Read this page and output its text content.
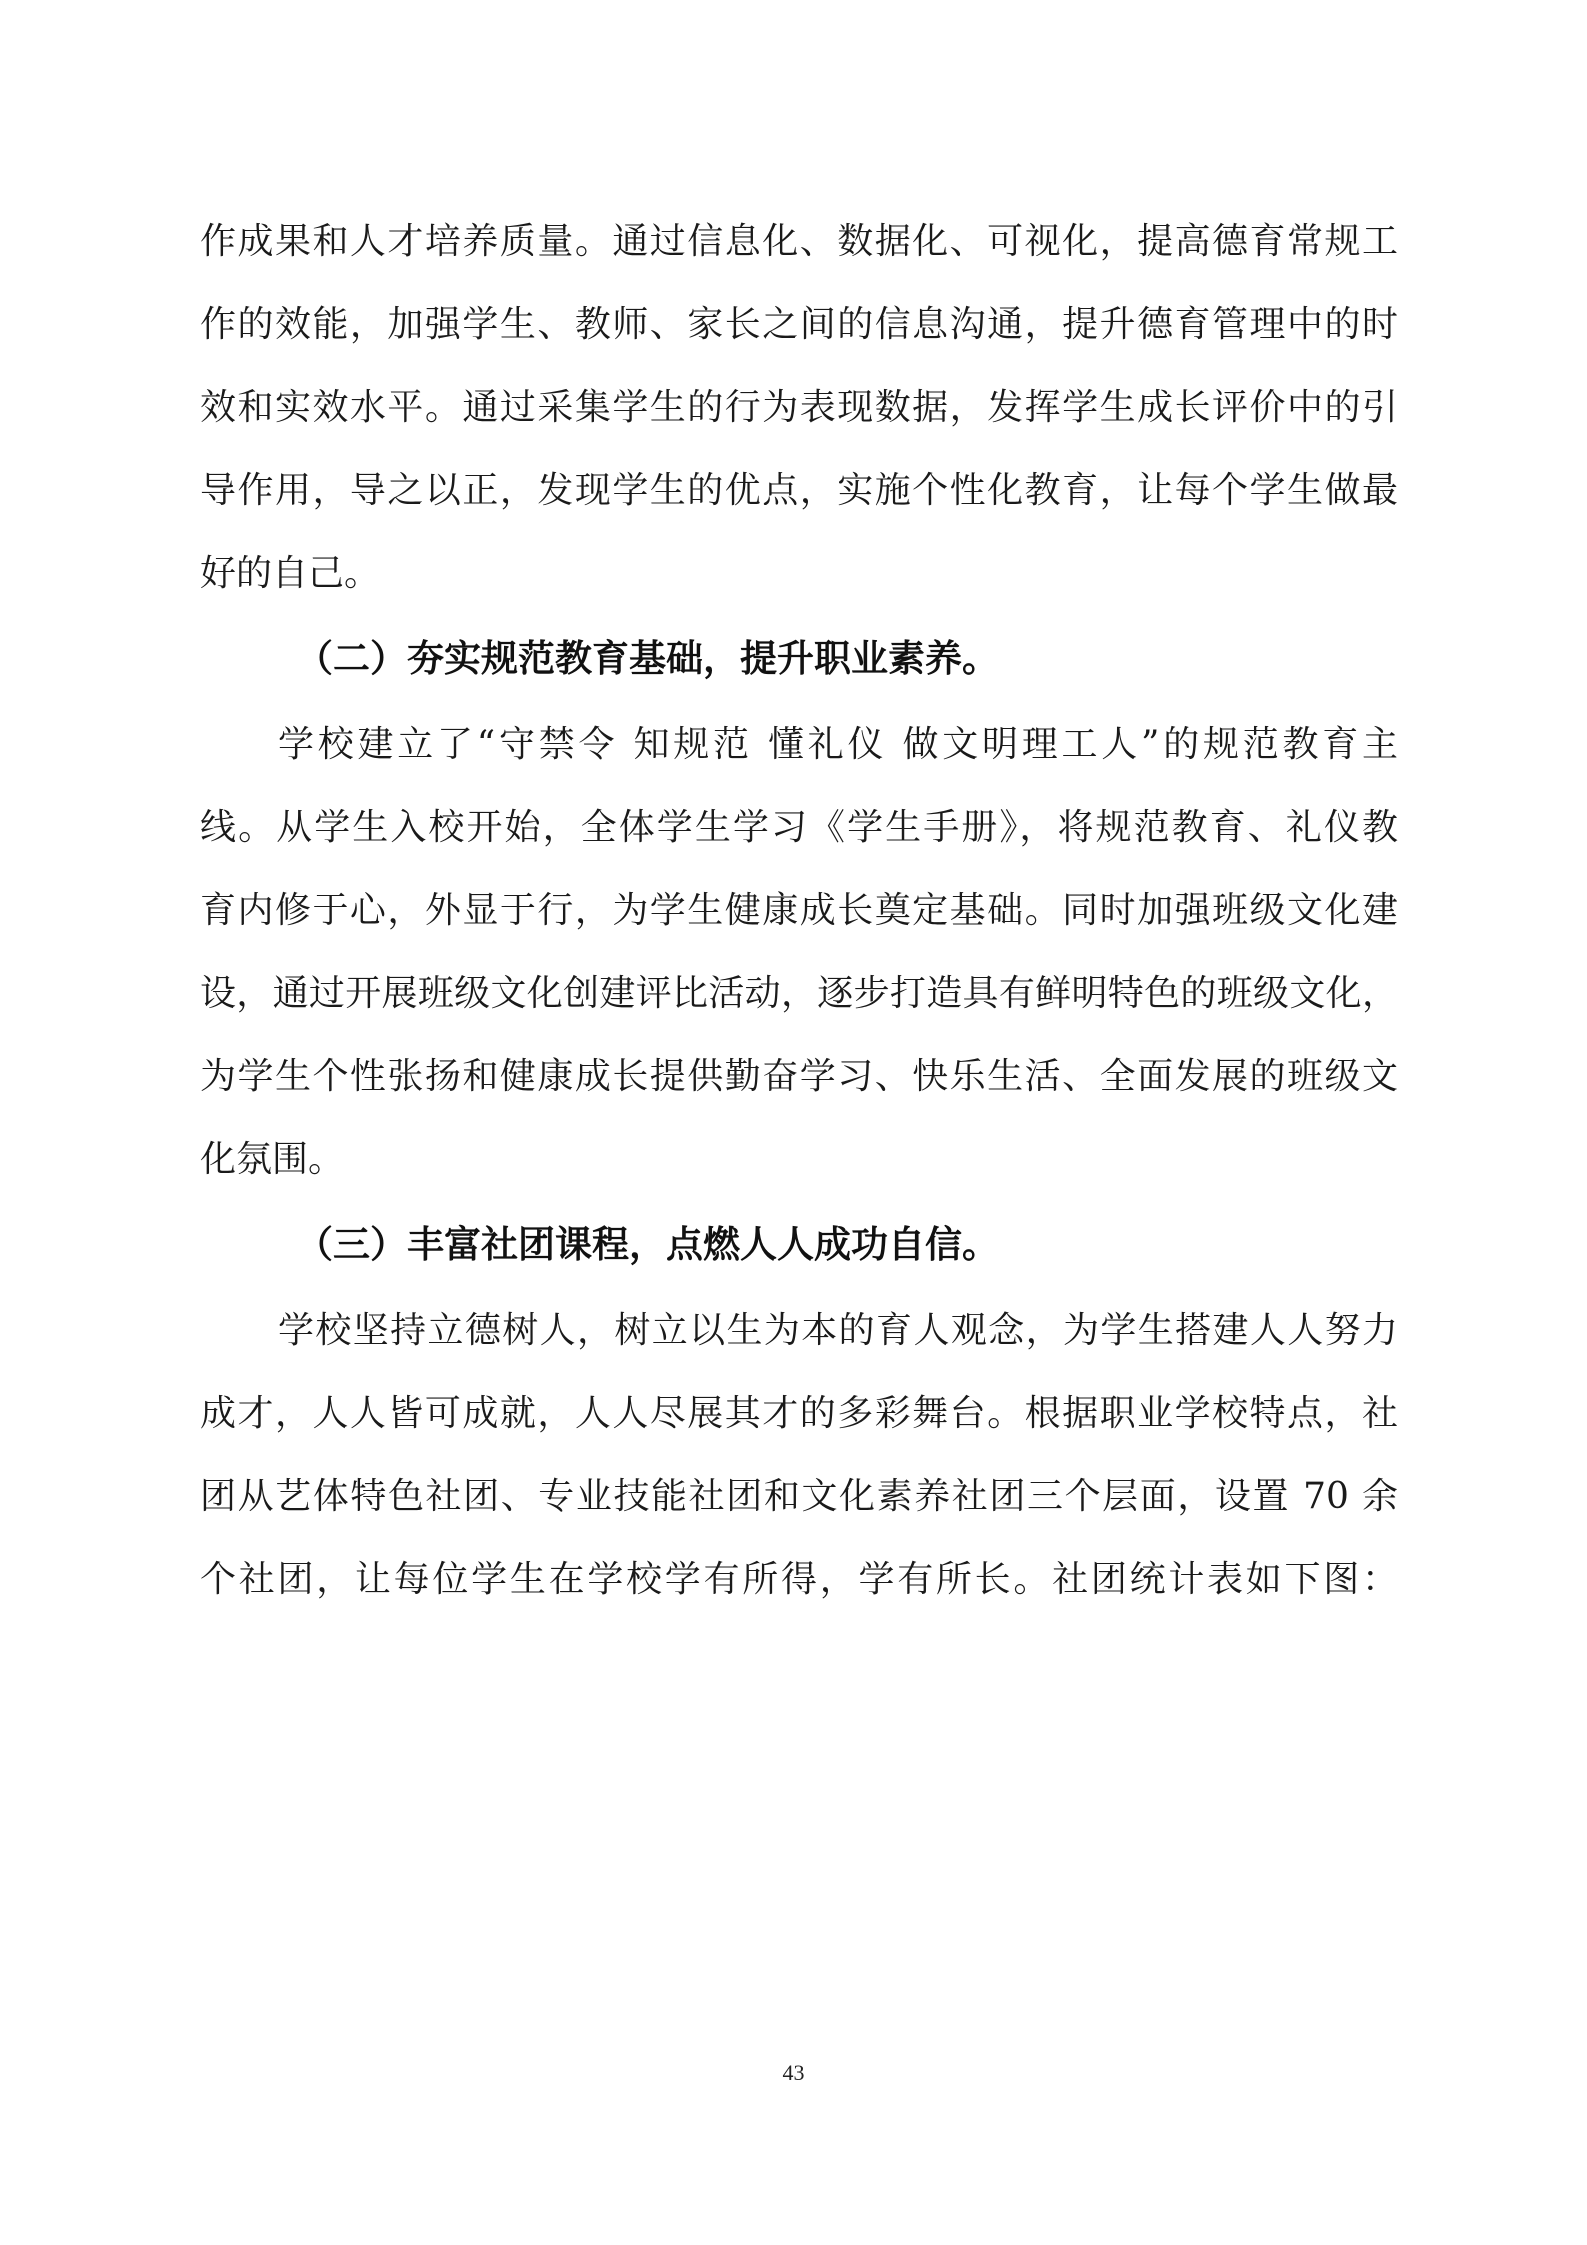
作成果和人才培养质量。通过信息化、数据化、可视化，提高德育常规工
作的效能，加强学生、教师、家长之间的信息沟通，提升德育管理中的时
效和实效水平。通过采集学生的行为表现数据，发挥学生成长评价中的引
导作用，导之以正，发现学生的优点，实施个性化教育，让每个学生做最
好的自己。
（二）夯实规范教育基础，提升职业素养。
学校建立了“守禁令 知规范 懂礼仪 做文明理工人”的规范教育主
线。从学生入校开始，全体学生学习《学生手册》，将规范教育、礼仪教
育内修于心，外显于行，为学生健康成长奠定基础。同时加强班级文化建
设，通过开展班级文化创建评比活动，逐步打造具有鲜明特色的班级文化，
为学生个性张扬和健康成长提供勤奋学习、快乐生活、全面发展的班级文
化氛围。
（三）丰富社团课程，点燃人人成功自信。
学校坚持立德树人，树立以生为本的育人观念，为学生搭建人人努力
成才，人人皆可成就，人人尽展其才的多彩舞台。根据职业学校特点，社
团从艺体特色社团、专业技能社团和文化素养社团三个层面，设置 70 余
个社团，让每位学生在学校学有所得，学有所长。社团统计表如下图：
43
